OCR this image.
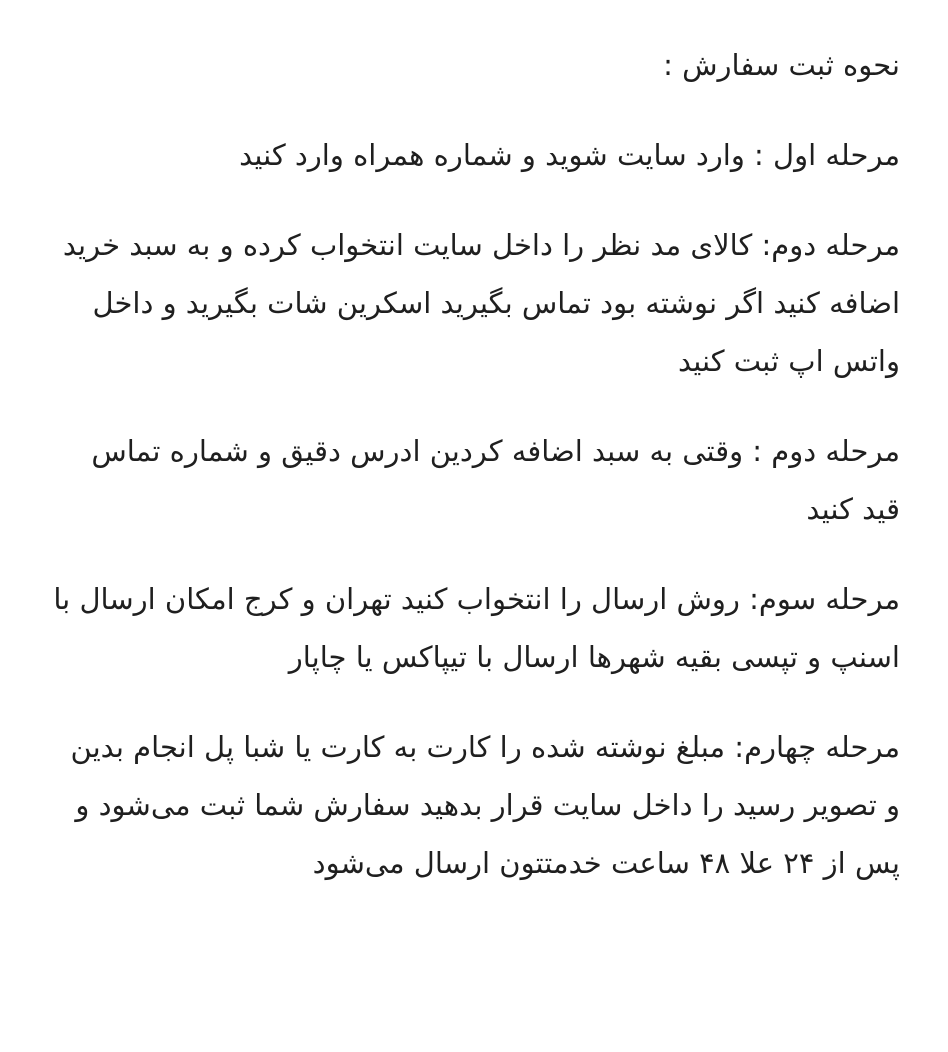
نحوه ثبت سفارش :

مرحله اول : وارد سایت شوید و شماره همراه وارد کنید

مرحله دوم: کالای مد نظر را داخل سایت انتخواب کرده و به سبد خرید اضافه کنید اگر نوشته بود تماس بگیرید اسکرین شات بگیرید و داخل واتس اپ ثبت کنید

مرحله دوم : وقتی به سبد اضافه کردین ادرس دقیق و شماره تماس قید کنید

مرحله سوم: روش ارسال را انتخواب کنید تهران و کرج امکان ارسال با اسنپ و تپسی بقیه شهرها ارسال با تیپاکس یا چاپار

مرحله چهارم: مبلغ نوشته شده را کارت به کارت یا شبا پل انجام بدین و تصویر رسید را داخل سایت قرار بدهید سفارش شما ثبت می‌شود و پس از ۲۴ علا ۴۸ ساعت خدمتتون ارسال می‌شود
